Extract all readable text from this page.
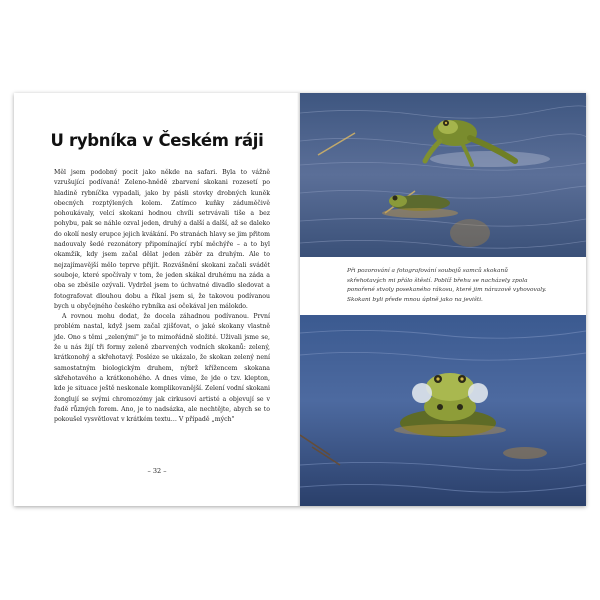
U rybníka v Českém ráji

Měl jsem podobný pocit jako někde na safari. Byla to vážně vzrušující podívaná! Zeleno-hnědě zbarvení skokani rozesetí po hladině rybníčka vypadali, jako by pásli stovky drobných kuněk obecných rozptýlených kolem. Zatímco kuňky záduměčivě pohoukávaly, velcí skokani hodnou chvíli setrvávali tiše a bez pohybu, pak se náhle ozval jeden, druhý a další a další, až se daleko do okolí nesly erupce jejich kvákání. Po stranách hlavy se jim přitom nadouvaly šedé rezonátory připomínající rybí měchýře – a to byl okamžik, kdy jsem začal dělat jeden záběr za druhým. Ale to nejzajímavější mělo teprve přijít. Rozvášnění skokani začali svádět souboje, které spočívaly v tom, že jeden skákal druhému na záda a oba se zběsile ozývali. Vydržel jsem to úchvatné divadlo sledovat a fotografovat dlouhou dobu a říkal jsem si, že takovou podívanou bych u obyčejného českého rybníka asi očekával jen málokdo.

A rovnou mohu dodat, že docela záhadnou podívanou. První problém nastal, když jsem začal zjišťovat, o jaké skokany vlastně jde. Ono s těmi „zelenými" je to mimořádně složité. Uživali jsme se, že u nás žijí tři formy zeleně zbarvených vodních skokanů: zelený, krátkonohý a skřehotavý. Posléze se ukázalo, že skokan zelený není samostatným biologickým druhem, nýbrž křížencem skokana skřehotavého a krátkonohého. A dnes víme, že jde o tzv. klepton, kde je situace ještě neskonale komplikovanější. Zelení vodní skokani žonglují se svými chromozómy jak cirkusoví artisté a objevují se v řadě různých forem. Ano, je to nadsázka, ale nechtějte, abych se to pokoušel vysvětlovat v krátkém textu… V případě „mých"

– 32 –

Při pozorování a fotografování soubojů samců skokanů skřehotavých mi přálo štěstí. Poblíž břehu se nacházely zpola ponořené stvoly posekaného rákosu, které jim nárazově vyhovovaly. Skokani byli přede mnou úplně jako na jevišti.
